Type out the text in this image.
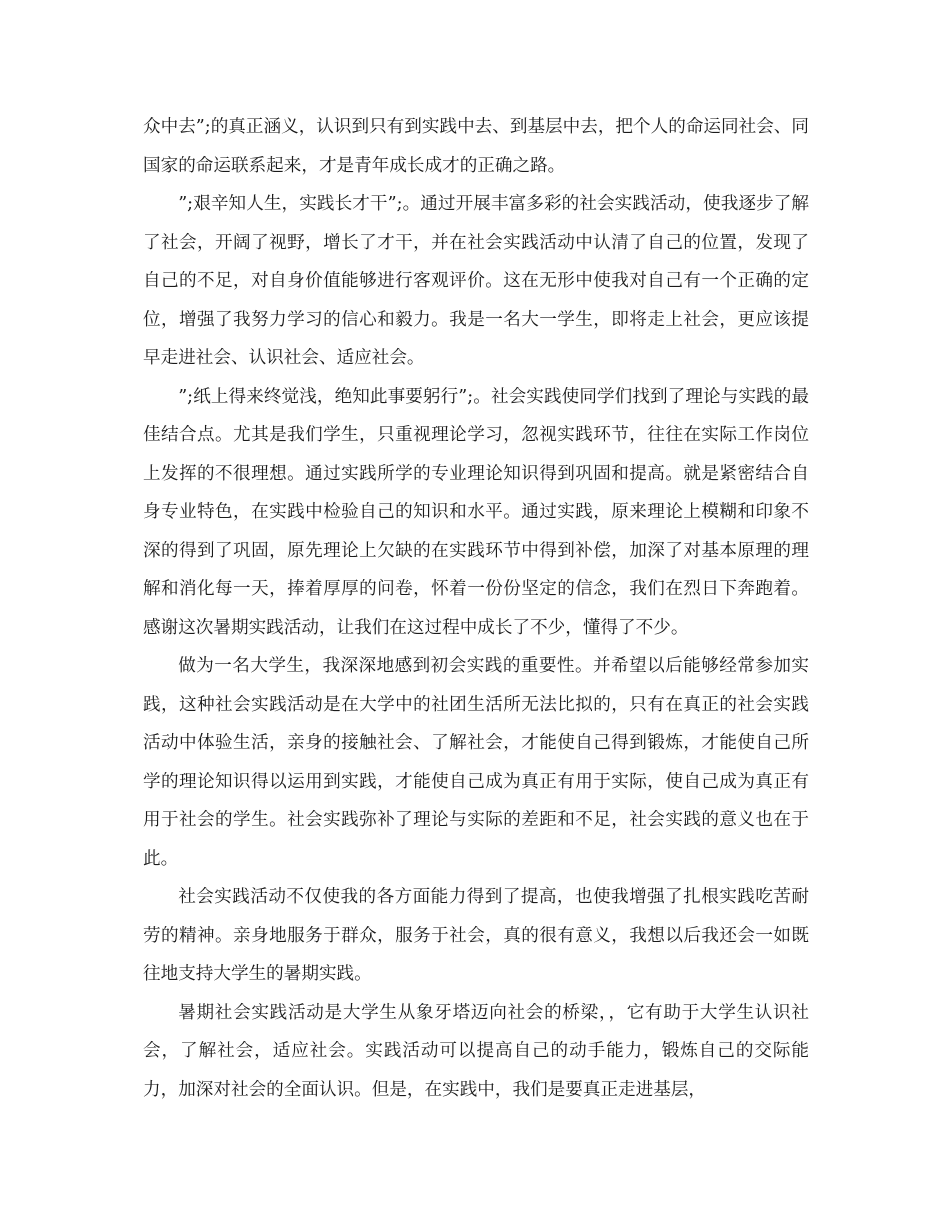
众中去”;的真正涵义，认识到只有到实践中去、到基层中去，把个人的命运同社会、同国家的命运联系起来，才是青年成长成才的正确之路。

”;艰辛知人生，实践长才干”;。通过开展丰富多彩的社会实践活动，使我逐步了解了社会，开阔了视野，增长了才干，并在社会实践活动中认清了自己的位置，发现了自己的不足，对自身价值能够进行客观评价。这在无形中使我对自己有一个正确的定位，增强了我努力学习的信心和毅力。我是一名大一学生，即将走上社会，更应该提早走进社会、认识社会、适应社会。

”;纸上得来终觉浅，绝知此事要躬行”;。社会实践使同学们找到了理论与实践的最佳结合点。尤其是我们学生，只重视理论学习，忽视实践环节，往往在实际工作岗位上发挥的不很理想。通过实践所学的专业理论知识得到巩固和提高。就是紧密结合自身专业特色，在实践中检验自己的知识和水平。通过实践，原来理论上模糊和印象不深的得到了巩固，原先理论上欠缺的在实践环节中得到补偿，加深了对基本原理的理解和消化每一天，捧着厚厚的问卷，怀着一份份坚定的信念，我们在烈日下奔跑着。感谢这次暑期实践活动，让我们在这过程中成长了不少，懂得了不少。

做为一名大学生，我深深地感到初会实践的重要性。并希望以后能够经常参加实践，这种社会实践活动是在大学中的社团生活所无法比拟的，只有在真正的社会实践活动中体验生活，亲身的接触社会、了解社会，才能使自己得到锻炼，才能使自己所学的理论知识得以运用到实践，才能使自己成为真正有用于实际，使自己成为真正有用于社会的学生。社会实践弥补了理论与实际的差距和不足，社会实践的意义也在于此。

社会实践活动不仅使我的各方面能力得到了提高，也使我增强了扎根实践吃苦耐劳的精神。亲身地服务于群众，服务于社会，真的很有意义，我想以后我还会一如既往地支持大学生的暑期实践。

暑期社会实践活动是大学生从象牙塔迈向社会的桥梁，，它有助于大学生认识社会，了解社会，适应社会。实践活动可以提高自己的动手能力，锻炼自己的交际能力，加深对社会的全面认识。但是，在实践中，我们是要真正走进基层，
